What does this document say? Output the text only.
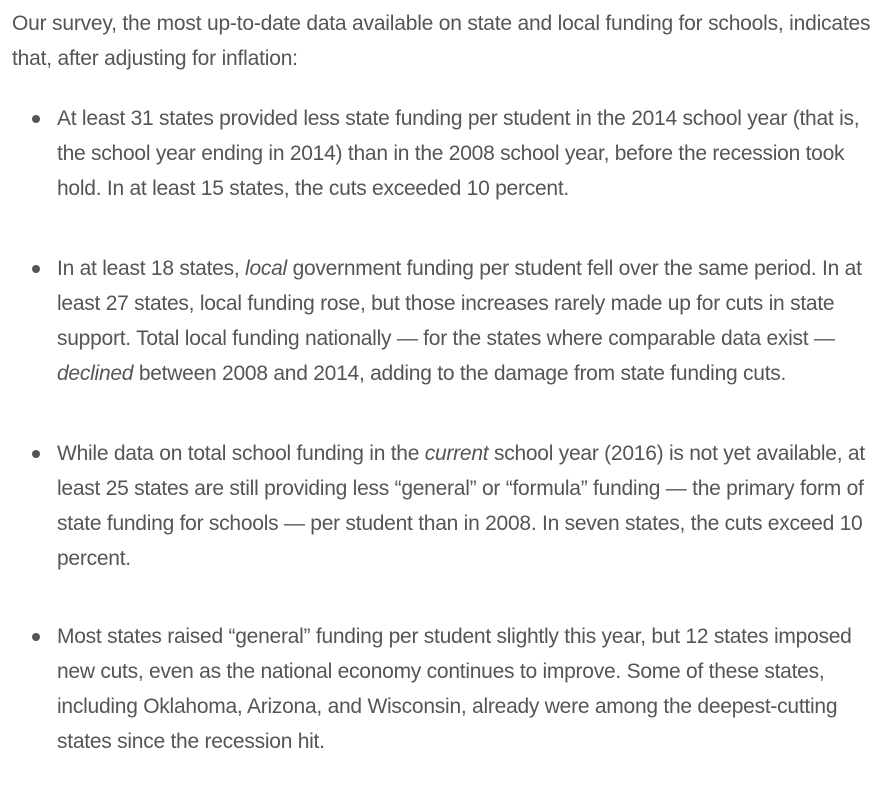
Our survey, the most up-to-date data available on state and local funding for schools, indicates that, after adjusting for inflation:

At least 31 states provided less state funding per student in the 2014 school year (that is, the school year ending in 2014) than in the 2008 school year, before the recession took hold. In at least 15 states, the cuts exceeded 10 percent.
In at least 18 states, local government funding per student fell over the same period. In at least 27 states, local funding rose, but those increases rarely made up for cuts in state support. Total local funding nationally — for the states where comparable data exist — declined between 2008 and 2014, adding to the damage from state funding cuts.
While data on total school funding in the current school year (2016) is not yet available, at least 25 states are still providing less “general” or “formula” funding — the primary form of state funding for schools — per student than in 2008. In seven states, the cuts exceed 10 percent.
Most states raised “general” funding per student slightly this year, but 12 states imposed new cuts, even as the national economy continues to improve. Some of these states, including Oklahoma, Arizona, and Wisconsin, already were among the deepest-cutting states since the recession hit.
